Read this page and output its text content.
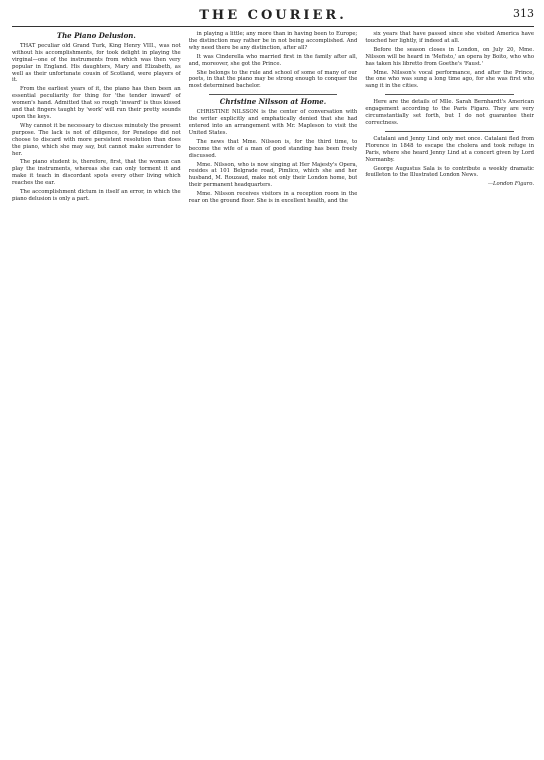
THE COURIER.	313
The Piano Delusion.

THAT peculiar old Grand Turk, King Henry VIII., was not without his accomplishments, for took delight in playing the virginal—one of the instruments from which was then very popular in England. His daughters, Mary and Elizabeth, as well as their unfortunate cousin of Scotland, were players of it.

From the earliest years of it, the piano has then been an essential peculiarity for thing for 'the tender inward' of women's hand. Admitted that so rough 'inward' is thus kissed and that fingers taught by 'work' will run their pretty sounds upon the keys.

Why cannot it be necessary to discuss minutely the present purpose. The lack is not of diligence, for Penelope did not choose to discard with more persistent resolution than does the piano, which she may say, but cannot make surrender to her.

The piano student is, therefore, first, that the woman can play the instruments, whereas she can only torment it and make it teach in discordant spots every other living which reaches the ear.

The accomplishment dictum in itself an error, in which the piano delusion is only a part.

in playing a little; any more than in having been to Europe; the distinction may rather be in not being accomplished. And why need there be any distinction, after all?

It was Cinderella who married first in the family after all, and, moreover, she got the Prince.

She belongs to the rule and school of some of many of our poets, in that the piano may be strong enough to conquer the most determined bachelor.

Christine Nilsson at Home.

CHRISTINE NILSSON is the center of conversation with the writer explicitly and emphatically denied that she had entered into an arrangement with Mr. Mapleson to visit the United States.

The news that Mme. Nilsson is, for the third time, to become the wife of a man of good standing has been freely discussed.

Mme. Nilsson, who is now singing at Her Majesty's Opera, resides at 101 Belgrade road, Pimlico, which she and her husband, M. Rouzaud, make not only their London home, but their permanent headquarters.

Mme. Nilsson receives visitors in a reception room in the rear on the ground floor. She is in excellent health, and the

six years that have passed since she visited America have touched her lightly, if indeed at all.

Before the season closes in London, on July 20, Mme. Nilsson will be heard in 'Mefisto,' an opera by Boito, who who has taken his libretto from Goethe's 'Faust.'

Mme. Nilsson's vocal performance, and after the Prince, the one who was sung a long time ago, for she was first who sang it in the cities.

Here are the details of Mlle. Sarah Bernhardt's American engagement according to the Paris Figaro. They are very circumstantially set forth, but I do not guarantee their correctness.

Catalani and Jenny Lind only met once. Catalani fled from Florence in 1848 to escape the cholera and took refuge in Paris, where she heard Jenny Lind at a concert given by Lord Normanby.

George Augustus Sala is to contribute a weekly dramatic feuilleton to the Illustrated London News.

—London Figaro.
